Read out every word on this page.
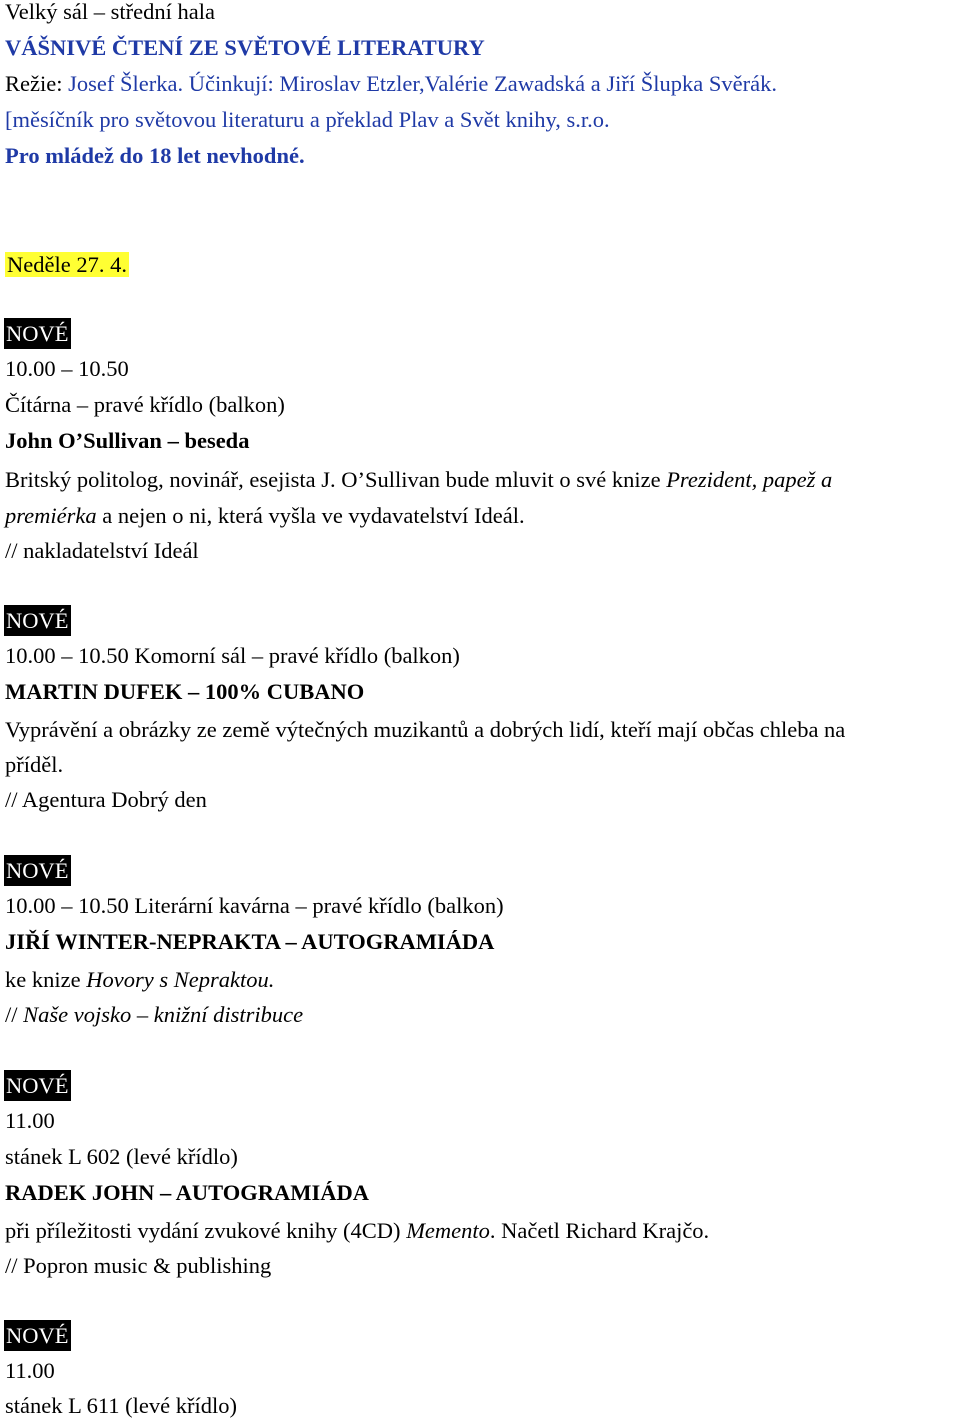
Velký sál – střední hala
VÁŠNIVÉ ČTENÍ ZE SVĚTOVÉ LITERATURY
Režie: Josef Šlerka. Účinkují: Miroslav Etzler,Valérie Zawadská a Jiří Šlupka Svěrák.
[měsíčník pro světovou literaturu a překlad Plav a Svět knihy, s.r.o.
Pro mládež do 18 let nevhodné.
Neděle 27. 4.
NOVÉ
10.00 – 10.50
Čítárna – pravé křídlo (balkon)
John O’Sullivan – beseda
Britský politolog, novinář, esejista J. O’Sullivan bude mluvit o své knize Prezident, papež a
premiérka a nejen o ni, která vyšla ve vydavatelství Ideál.
// nakladatelství Ideál
NOVÉ
10.00 – 10.50 Komorní sál – pravé křídlo (balkon)
MARTIN DUFEK – 100% CUBANO
Vyprávění a obrázky ze země výtečných muzikantů a dobrých lidí, kteří mají občas chleba na
příděl.
// Agentura Dobrý den
NOVÉ
10.00 – 10.50 Literární kavárna – pravé křídlo (balkon)
JIŘÍ WINTER-NEPRAKTA – AUTOGRAMIÁDA
ke knize Hovory s Nepraktou.
// Naše vojsko – knižní distribuce
NOVÉ
11.00
stánek L 602 (levé křídlo)
RADEK JOHN – AUTOGRAMIÁDA
při příležitosti vydání zvukové knihy (4CD) Memento. Načetl Richard Krajčo.
// Popron music & publishing
NOVÉ
11.00
stánek L 611 (levé křídlo)
